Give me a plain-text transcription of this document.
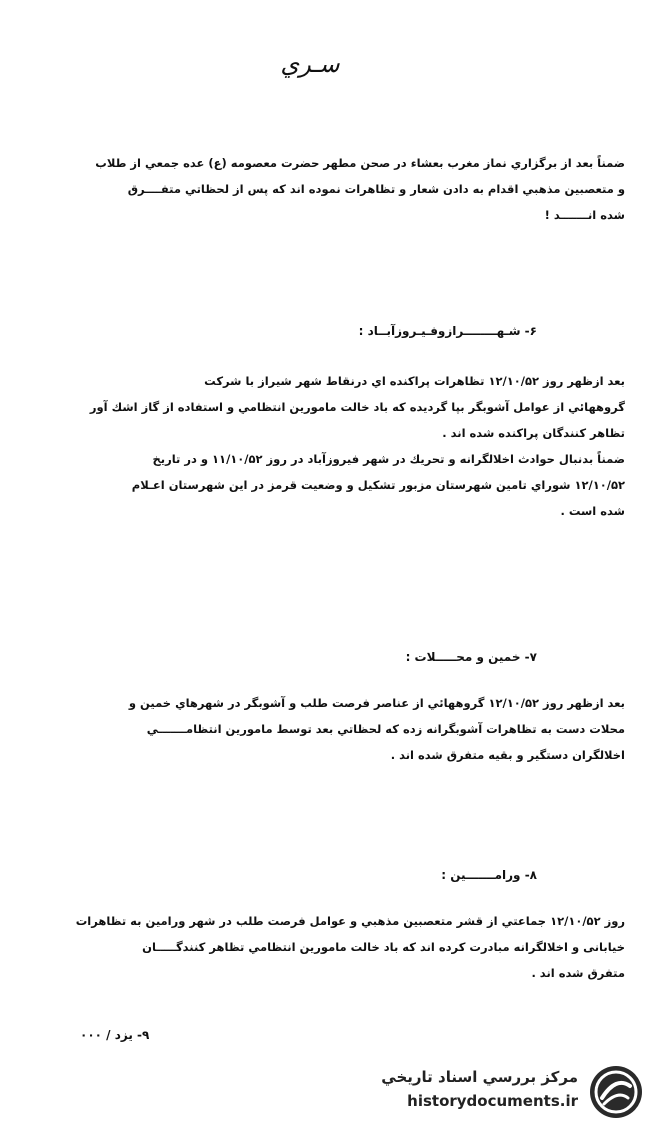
سـري
ضمناً بعد از برگزاري نماز مغرب بعشاء در صحن مطهر حضرت معصومه (ع) عده جمعي از طلاب
و متعصبين مذهبي اقدام به دادن شعار و تظاهرات نموده اند كه پس از لحظاتي متفــــرق
شده انـــــــد !
۶- شـهــــــــرازوفـيـروزآبــاد :
بعد ازظهر روز ۱۲/۱۰/۵۲ تظاهرات پراكنده اي درنقاط شهر شيراز با شركت
گروههائي از عوامل آشوبگر بپا گرديده كه باد خالت مامورين انتظامي و استفاده از گاز اشك آور
تظاهر كنندگان پراكنده شده اند .
ضمناً بدنبال حوادث اخلالگرانه و تحريك در شهر فيروزآباد در روز ۱۱/۱۰/۵۲ و در تاريخ
۱۲/۱۰/۵۲ شوراي تامين شهرستان مزبور تشكيل و وضعيت قرمز در اين شهرستان اعـلام
شده است .
۷- خمين و محـــــلات :
بعد ازظهر روز ۱۲/۱۰/۵۲ گروههائي از عناصر فرصت طلب و آشوبگر در شهرهاي خمين و
محلات دست به تظاهرات آشوبگرانه زده كه لحظاتي بعد توسط مامورين انتظامـــــــي
اخلالگران دستگير و بقيه متفرق شده اند .
۸- ورامـــــــين :
روز ۱۲/۱۰/۵۲ جماعتي از قشر متعصبين مذهبي و عوامل فرصت طلب در شهر ورامين به تظاهرات
خيابانی و اخلالگرانه مبادرت كرده اند كه باد خالت مامورين انتظامي تظاهر كنندگـــــان
متفرق شده اند .
۹- يزد / ۰۰۰
مركز بررسي اسناد تاريخي
historydocuments.ir
